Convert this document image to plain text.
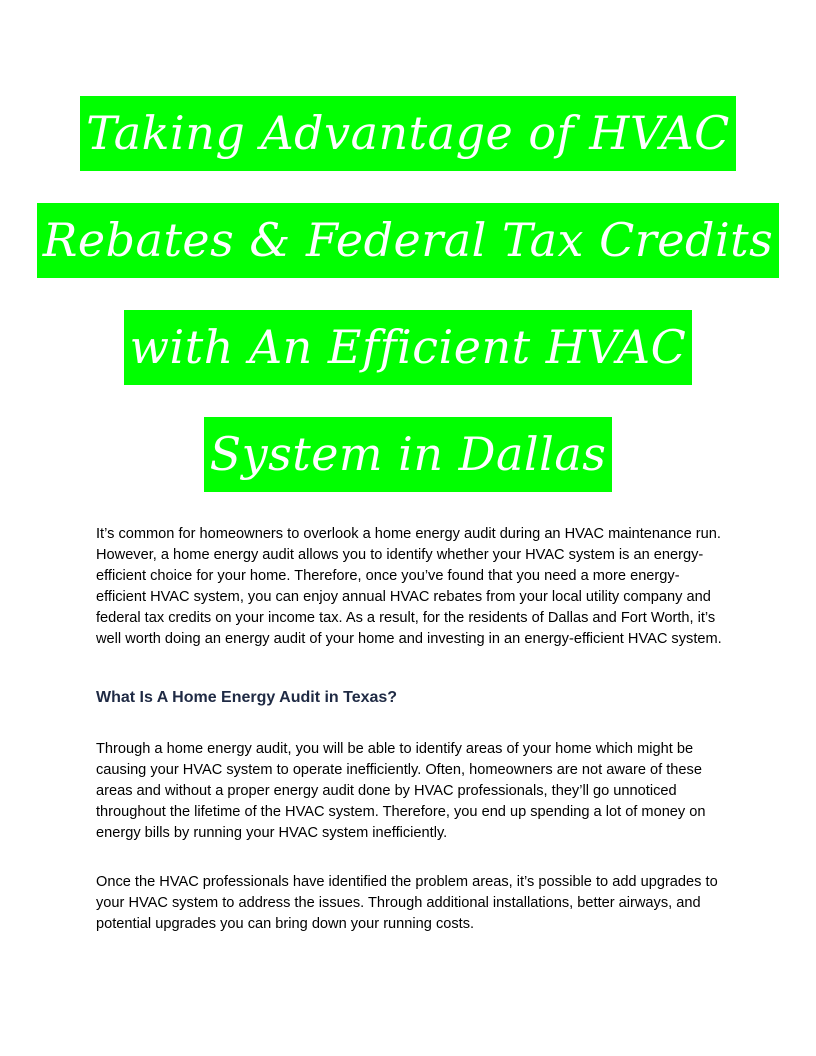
Taking Advantage of HVAC
Rebates & Federal Tax Credits
with An Efficient HVAC
System in Dallas

It’s common for homeowners to overlook a home energy audit during an HVAC maintenance run. However, a home energy audit allows you to identify whether your HVAC system is an energy-efficient choice for your home. Therefore, once you’ve found that you need a more energy-efficient HVAC system, you can enjoy annual HVAC rebates from your local utility company and federal tax credits on your income tax. As a result, for the residents of Dallas and Fort Worth, it’s well worth doing an energy audit of your home and investing in an energy-efficient HVAC system.

What Is A Home Energy Audit in Texas?

Through a home energy audit, you will be able to identify areas of your home which might be causing your HVAC system to operate inefficiently. Often, homeowners are not aware of these areas and without a proper energy audit done by HVAC professionals, they’ll go unnoticed throughout the lifetime of the HVAC system. Therefore, you end up spending a lot of money on energy bills by running your HVAC system inefficiently.

Once the HVAC professionals have identified the problem areas, it’s possible to add upgrades to your HVAC system to address the issues. Through additional installations, better airways, and potential upgrades you can bring down your running costs.
